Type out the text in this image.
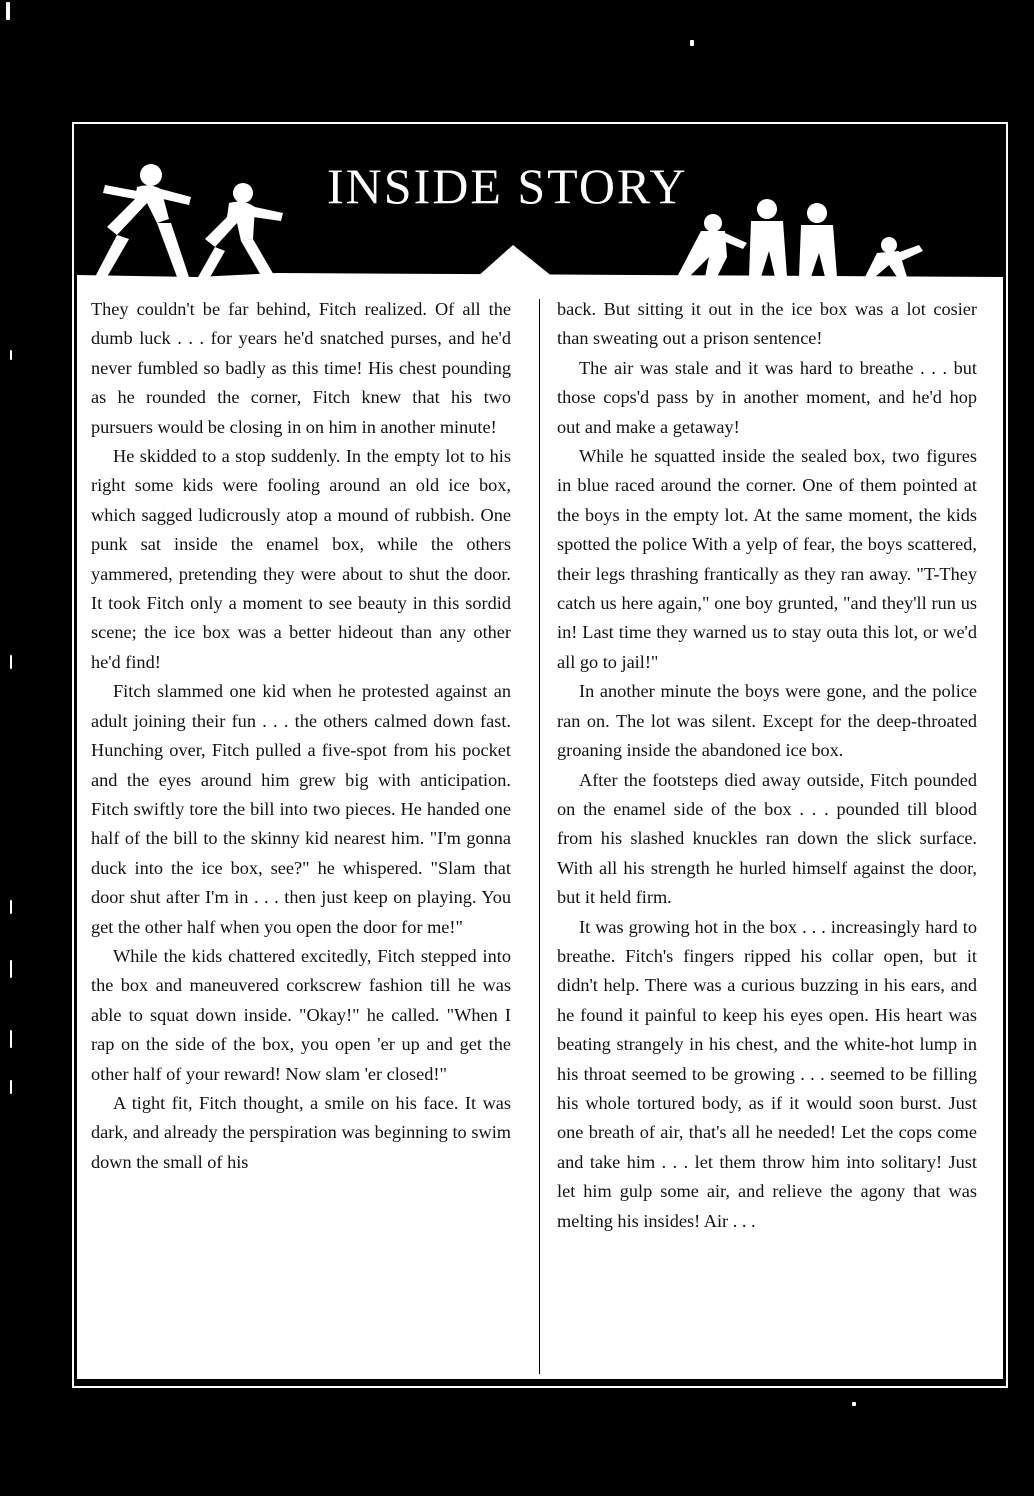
INSIDE STORY

They couldn't be far behind, Fitch realized. Of all the dumb luck . . . for years he'd snatched purses, and he'd never fumbled so badly as this time! His chest pounding as he rounded the corner, Fitch knew that his two pursuers would be closing in on him in another minute!

He skidded to a stop suddenly. In the empty lot to his right some kids were fooling around an old ice box, which sagged ludicrously atop a mound of rubbish. One punk sat inside the enamel box, while the others yammered, pretending they were about to shut the door. It took Fitch only a moment to see beauty in this sordid scene; the ice box was a better hideout than any other he'd find!

Fitch slammed one kid when he protested against an adult joining their fun . . . the others calmed down fast. Hunching over, Fitch pulled a five-spot from his pocket and the eyes around him grew big with anticipation. Fitch swiftly tore the bill into two pieces. He handed one half of the bill to the skinny kid nearest him. "I'm gonna duck into the ice box, see?" he whispered. "Slam that door shut after I'm in . . . then just keep on playing. You get the other half when you open the door for me!"

While the kids chattered excitedly, Fitch stepped into the box and maneuvered corkscrew fashion till he was able to squat down inside. "Okay!" he called. "When I rap on the side of the box, you open 'er up and get the other half of your reward! Now slam 'er closed!"

A tight fit, Fitch thought, a smile on his face. It was dark, and already the perspiration was beginning to swim down the small of his

back. But sitting it out in the ice box was a lot cosier than sweating out a prison sentence!

The air was stale and it was hard to breathe . . . but those cops'd pass by in another moment, and he'd hop out and make a getaway!

While he squatted inside the sealed box, two figures in blue raced around the corner. One of them pointed at the boys in the empty lot. At the same moment, the kids spotted the police With a yelp of fear, the boys scattered, their legs thrashing frantically as they ran away. "T-They catch us here again," one boy grunted, "and they'll run us in! Last time they warned us to stay outa this lot, or we'd all go to jail!"

In another minute the boys were gone, and the police ran on. The lot was silent. Except for the deep-throated groaning inside the abandoned ice box.

After the footsteps died away outside, Fitch pounded on the enamel side of the box . . . pounded till blood from his slashed knuckles ran down the slick surface. With all his strength he hurled himself against the door, but it held firm.

It was growing hot in the box . . . increasingly hard to breathe. Fitch's fingers ripped his collar open, but it didn't help. There was a curious buzzing in his ears, and he found it painful to keep his eyes open. His heart was beating strangely in his chest, and the white-hot lump in his throat seemed to be growing . . . seemed to be filling his whole tortured body, as if it would soon burst. Just one breath of air, that's all he needed! Let the cops come and take him . . . let them throw him into solitary! Just let him gulp some air, and relieve the agony that was melting his insides! Air . . .
